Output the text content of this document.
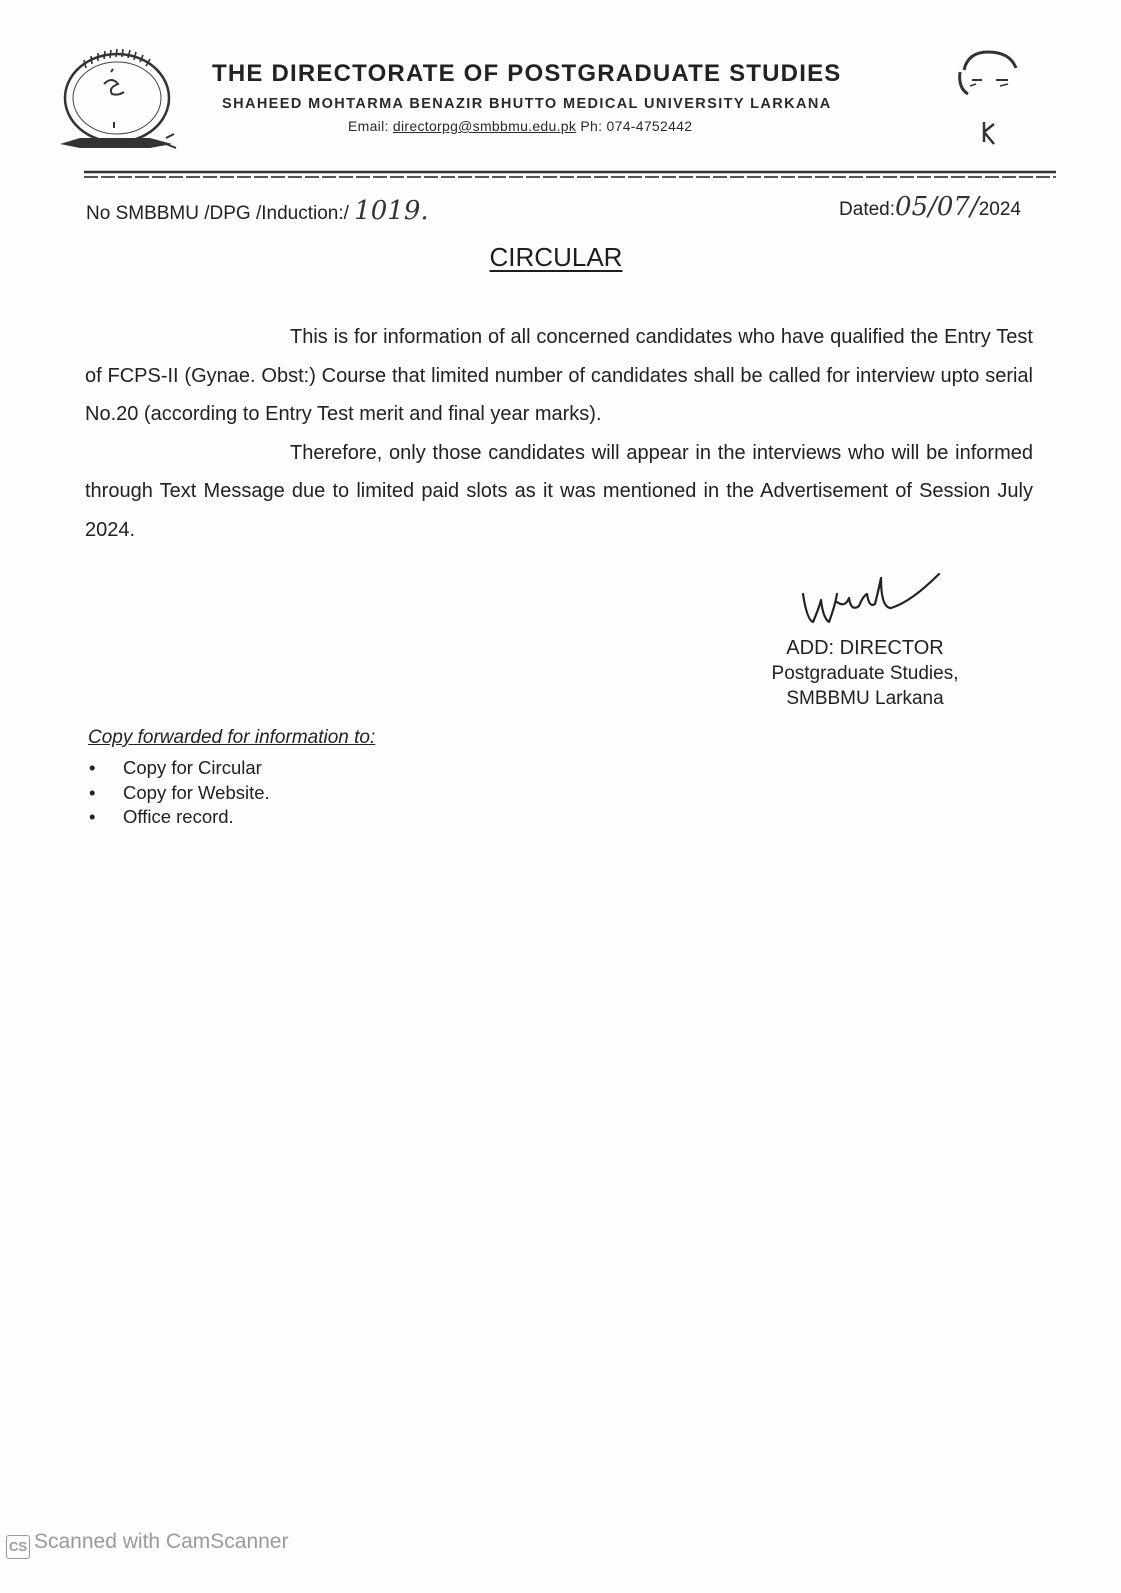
THE DIRECTORATE OF POSTGRADUATE STUDIES
SHAHEED MOHTARMA BENAZIR BHUTTO MEDICAL UNIVERSITY LARKANA
Email: directorpg@smbbmu.edu.pk Ph: 074-4752442
No SMBBMU /DPG /Induction:/ 1019.	Dated:05/07/2024
CIRCULAR

This is for information of all concerned candidates who have qualified the Entry Test of FCPS-II (Gynae. Obst:) Course that limited number of candidates shall be called for interview upto serial No.20 (according to Entry Test merit and final year marks).

Therefore, only those candidates will appear in the interviews who will be informed through Text Message due to limited paid slots as it was mentioned in the Advertisement of Session July 2024.

ADD: DIRECTOR
Postgraduate Studies,
SMBBMU Larkana
Copy forwarded for information to:
• Copy for Circular
• Copy for Website.
• Office record.
CS Scanned with CamScanner
